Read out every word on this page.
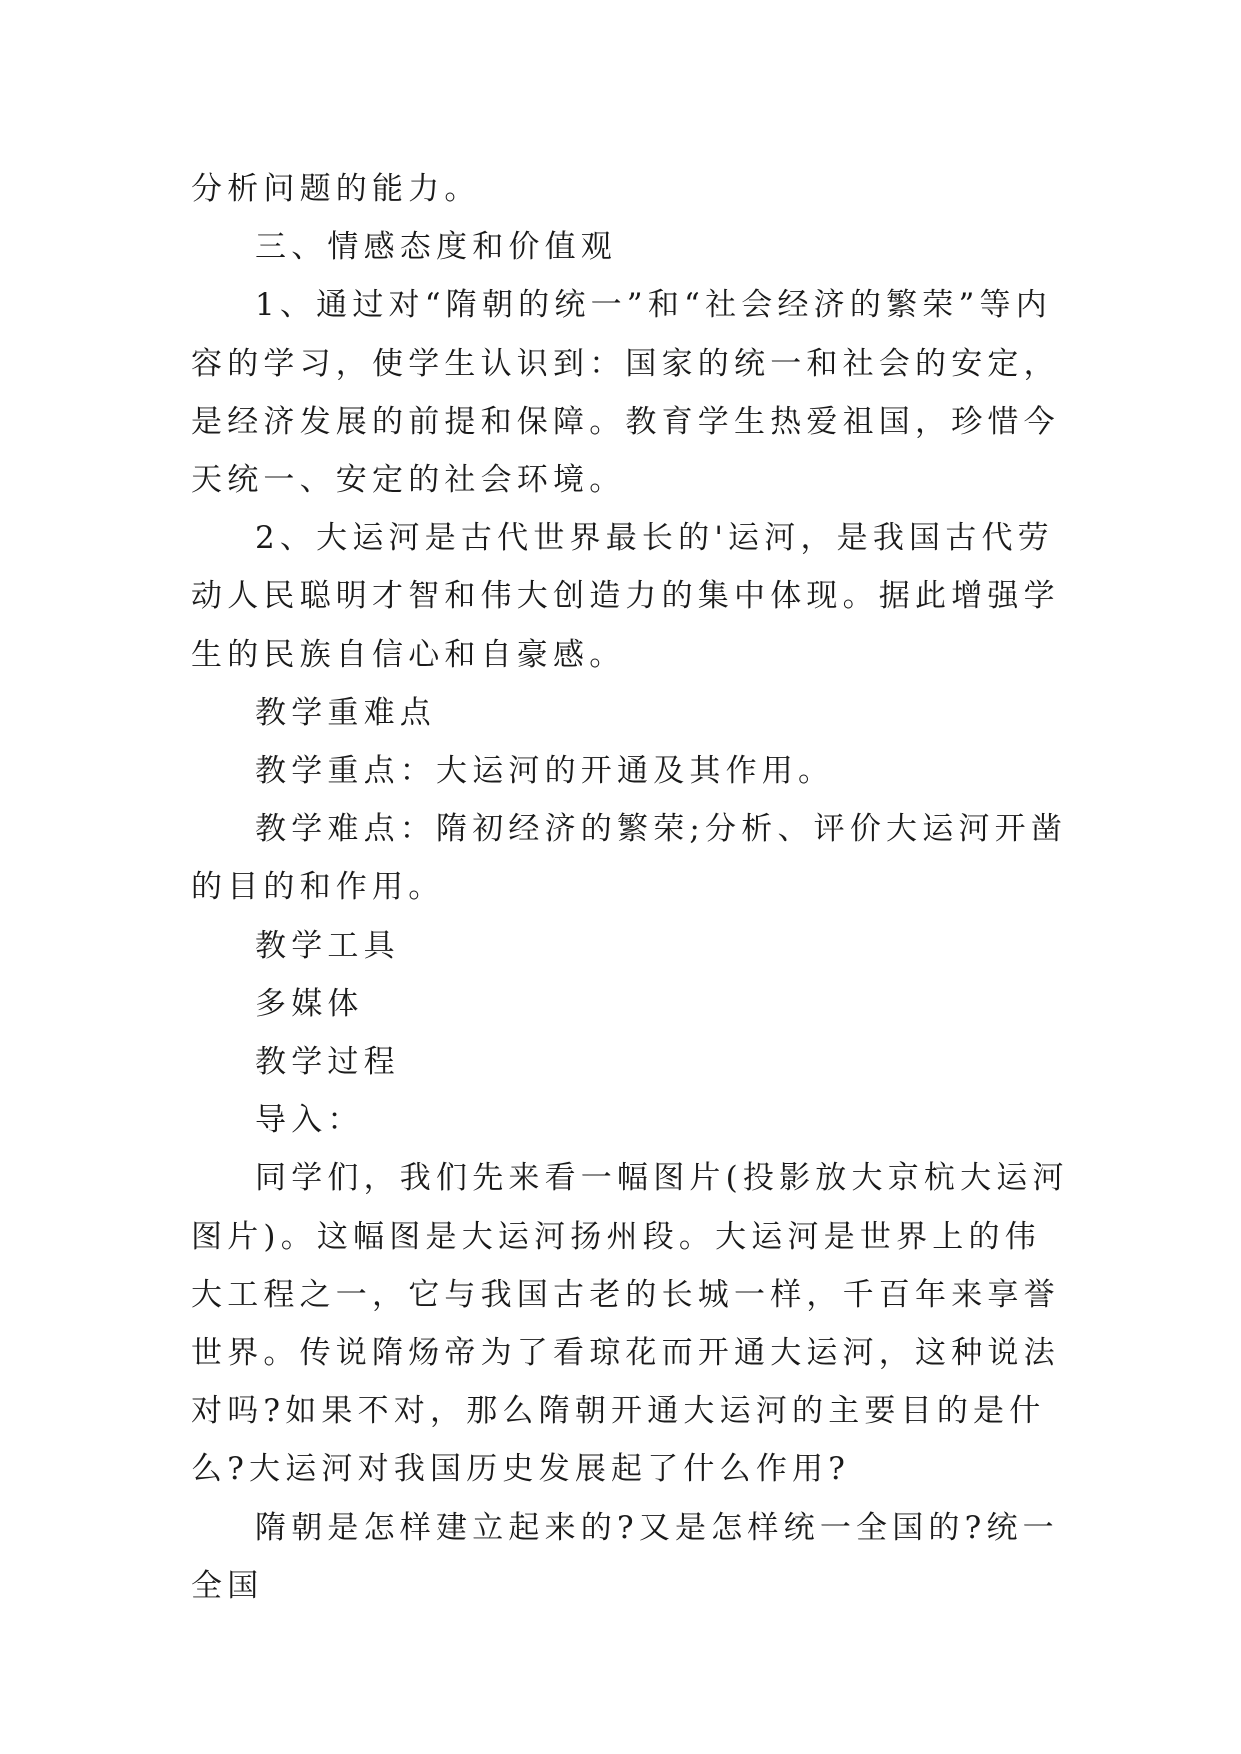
分析问题的能力。

三、情感态度和价值观

1、通过对“隋朝的统一”和“社会经济的繁荣”等内容的学习，使学生认识到：国家的统一和社会的安定，是经济发展的前提和保障。教育学生热爱祖国，珍惜今天统一、安定的社会环境。

2、大运河是古代世界最长的'运河，是我国古代劳动人民聪明才智和伟大创造力的集中体现。据此增强学生的民族自信心和自豪感。

教学重难点

教学重点：大运河的开通及其作用。

教学难点：隋初经济的繁荣;分析、评价大运河开凿的目的和作用。

教学工具

多媒体

教学过程

导入：

同学们，我们先来看一幅图片(投影放大京杭大运河图片)。这幅图是大运河扬州段。大运河是世界上的伟大工程之一，它与我国古老的长城一样，千百年来享誉世界。传说隋炀帝为了看琼花而开通大运河，这种说法对吗?如果不对，那么隋朝开通大运河的主要目的是什么?大运河对我国历史发展起了什么作用?

隋朝是怎样建立起来的?又是怎样统一全国的?统一全国
